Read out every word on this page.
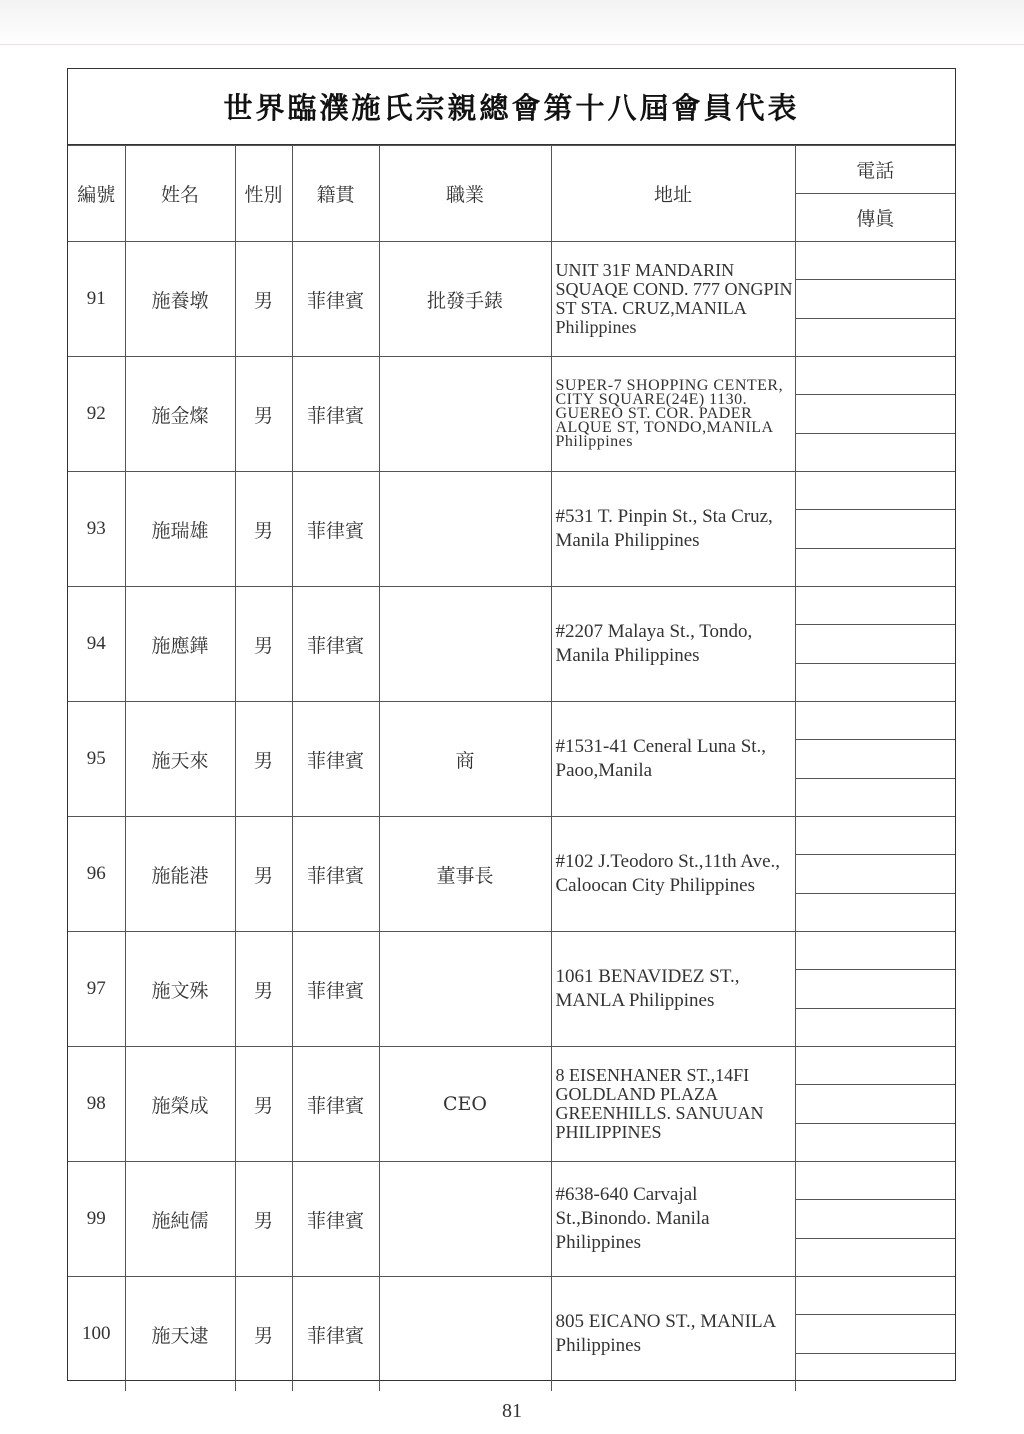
世界臨濮施氏宗親總會第十八屆會員代表
編號	姓名	性別	籍貫	職業	地址	電話
傳眞

91	施養墩	男	菲律賓	批發手錶	UNIT 31F MANDARIN SQUAQE COND. 777 ONGPIN ST STA. CRUZ,MANILA Philippines	

92	施金燦	男	菲律賓		SUPER-7 SHOPPING CENTER, CITY SQUARE(24E) 1130. GUEREO ST. COR. PADER ALQUE ST, TONDO,MANILA Philippines	

93	施瑞雄	男	菲律賓		#531 T. Pinpin St., Sta Cruz, Manila Philippines	

94	施應鏵	男	菲律賓		#2207 Malaya St., Tondo, Manila Philippines	

95	施天來	男	菲律賓	商	#1531-41 Ceneral Luna St., Paoo,Manila	

96	施能港	男	菲律賓	董事長	#102 J.Teodoro St.,11th Ave., Caloocan City Philippines	

97	施文殊	男	菲律賓		1061 BENAVIDEZ ST., MANLA Philippines	

98	施榮成	男	菲律賓	CEO	8 EISENHANER ST.,14FI GOLDLAND PLAZA GREENHILLS. SANUUAN PHILIPPINES	

99	施純儒	男	菲律賓		#638-640 Carvajal St.,Binondo. Manila Philippines	

100	施天逮	男	菲律賓		805 EICANO ST., MANILA Philippines	
81
